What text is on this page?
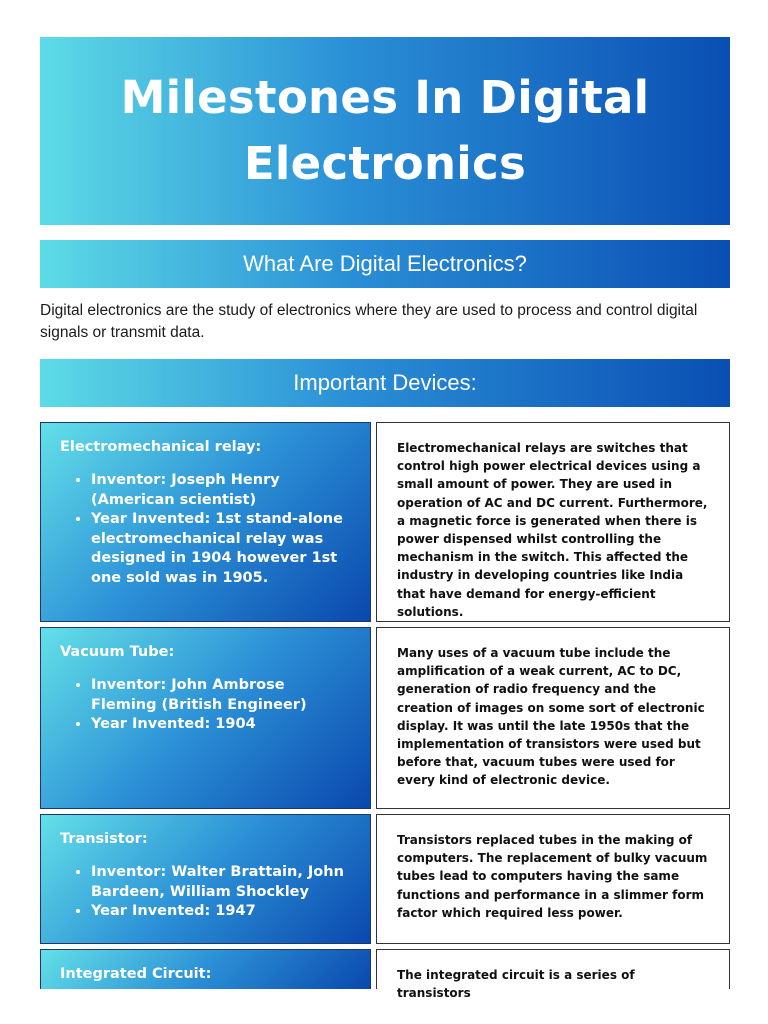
Milestones In Digital Electronics
What Are Digital Electronics?

Digital electronics are the study of electronics where they are used to process and control digital signals or transmit data.

Important Devices:
Electromechanical relay:
• Inventor: Joseph Henry (American scientist)
• Year Invented: 1st stand-alone electromechanical relay was designed in 1904 however 1st one sold was in 1905.

Electromechanical relays are switches that control high power electrical devices using a small amount of power. They are used in operation of AC and DC current. Furthermore, a magnetic force is generated when there is power dispensed whilst controlling the mechanism in the switch. This affected the industry in developing countries like India that have demand for energy-efficient solutions.

Vacuum Tube:
• Inventor: John Ambrose Fleming (British Engineer)
• Year Invented: 1904

Many uses of a vacuum tube include the amplification of a weak current, AC to DC, generation of radio frequency and the creation of images on some sort of electronic display. It was until the late 1950s that the implementation of transistors were used but before that, vacuum tubes were used for every kind of electronic device.

Transistor:
• Inventor: Walter Brattain, John Bardeen, William Shockley
• Year Invented: 1947

Transistors replaced tubes in the making of computers. The replacement of bulky vacuum tubes lead to computers having the same functions and performance in a slimmer form factor which required less power.

Integrated Circuit:	The integrated circuit is a series of transistors
